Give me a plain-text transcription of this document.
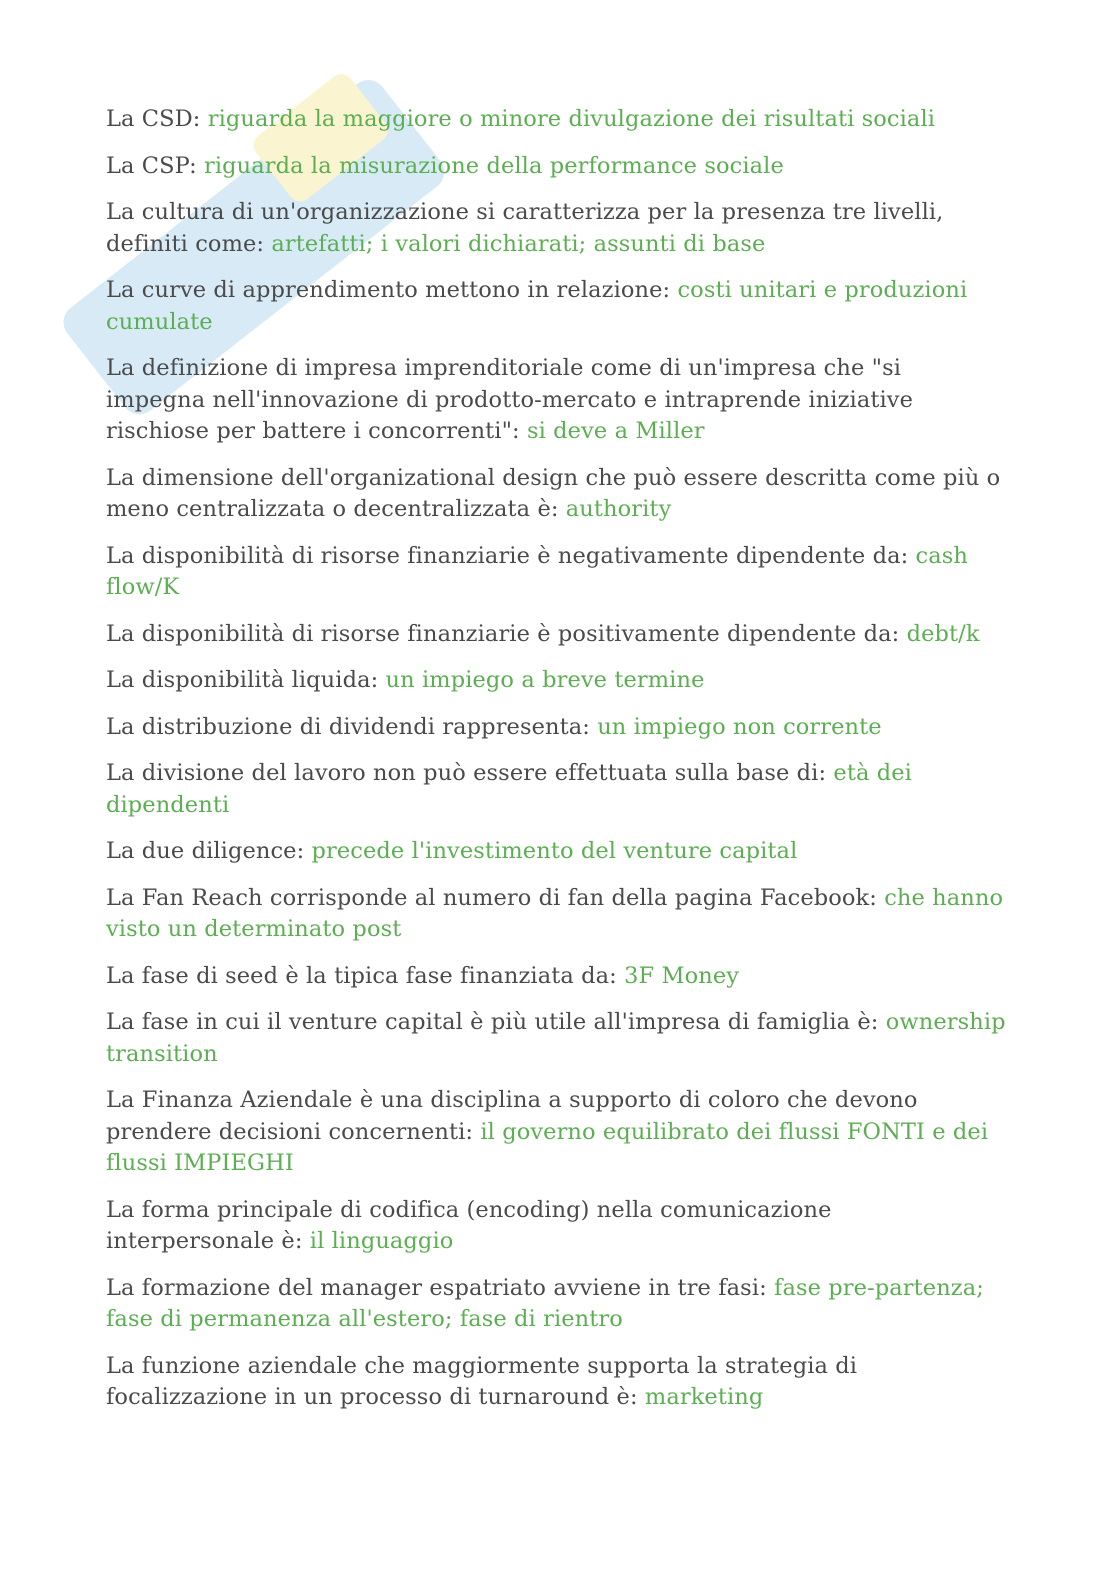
La CSD: riguarda la maggiore o minore divulgazione dei risultati sociali

La CSP: riguarda la misurazione della performance sociale

La cultura di un'organizzazione si caratterizza per la presenza tre livelli, definiti come: artefatti; i valori dichiarati; assunti di base

La curve di apprendimento mettono in relazione: costi unitari e produzioni cumulate

La definizione di impresa imprenditoriale come di un'impresa che "si impegna nell'innovazione di prodotto-mercato e intraprende iniziative rischiose per battere i concorrenti": si deve a Miller

La dimensione dell'organizational design che può essere descritta come più o meno centralizzata o decentralizzata è: authority

La disponibilità di risorse finanziarie è negativamente dipendente da: cash flow/K

La disponibilità di risorse finanziarie è positivamente dipendente da: debt/k

La disponibilità liquida: un impiego a breve termine

La distribuzione di dividendi rappresenta: un impiego non corrente

La divisione del lavoro non può essere effettuata sulla base di: età dei dipendenti

La due diligence: precede l'investimento del venture capital

La Fan Reach corrisponde al numero di fan della pagina Facebook: che hanno visto un determinato post

La fase di seed è la tipica fase finanziata da: 3F Money

La fase in cui il venture capital è più utile all'impresa di famiglia è: ownership transition

La Finanza Aziendale è una disciplina a supporto di coloro che devono prendere decisioni concernenti: il governo equilibrato dei flussi FONTI e dei flussi IMPIEGHI

La forma principale di codifica (encoding) nella comunicazione interpersonale è: il linguaggio

La formazione del manager espatriato avviene in tre fasi: fase pre-partenza; fase di permanenza all'estero; fase di rientro

La funzione aziendale che maggiormente supporta la strategia di focalizzazione in un processo di turnaround è: marketing
